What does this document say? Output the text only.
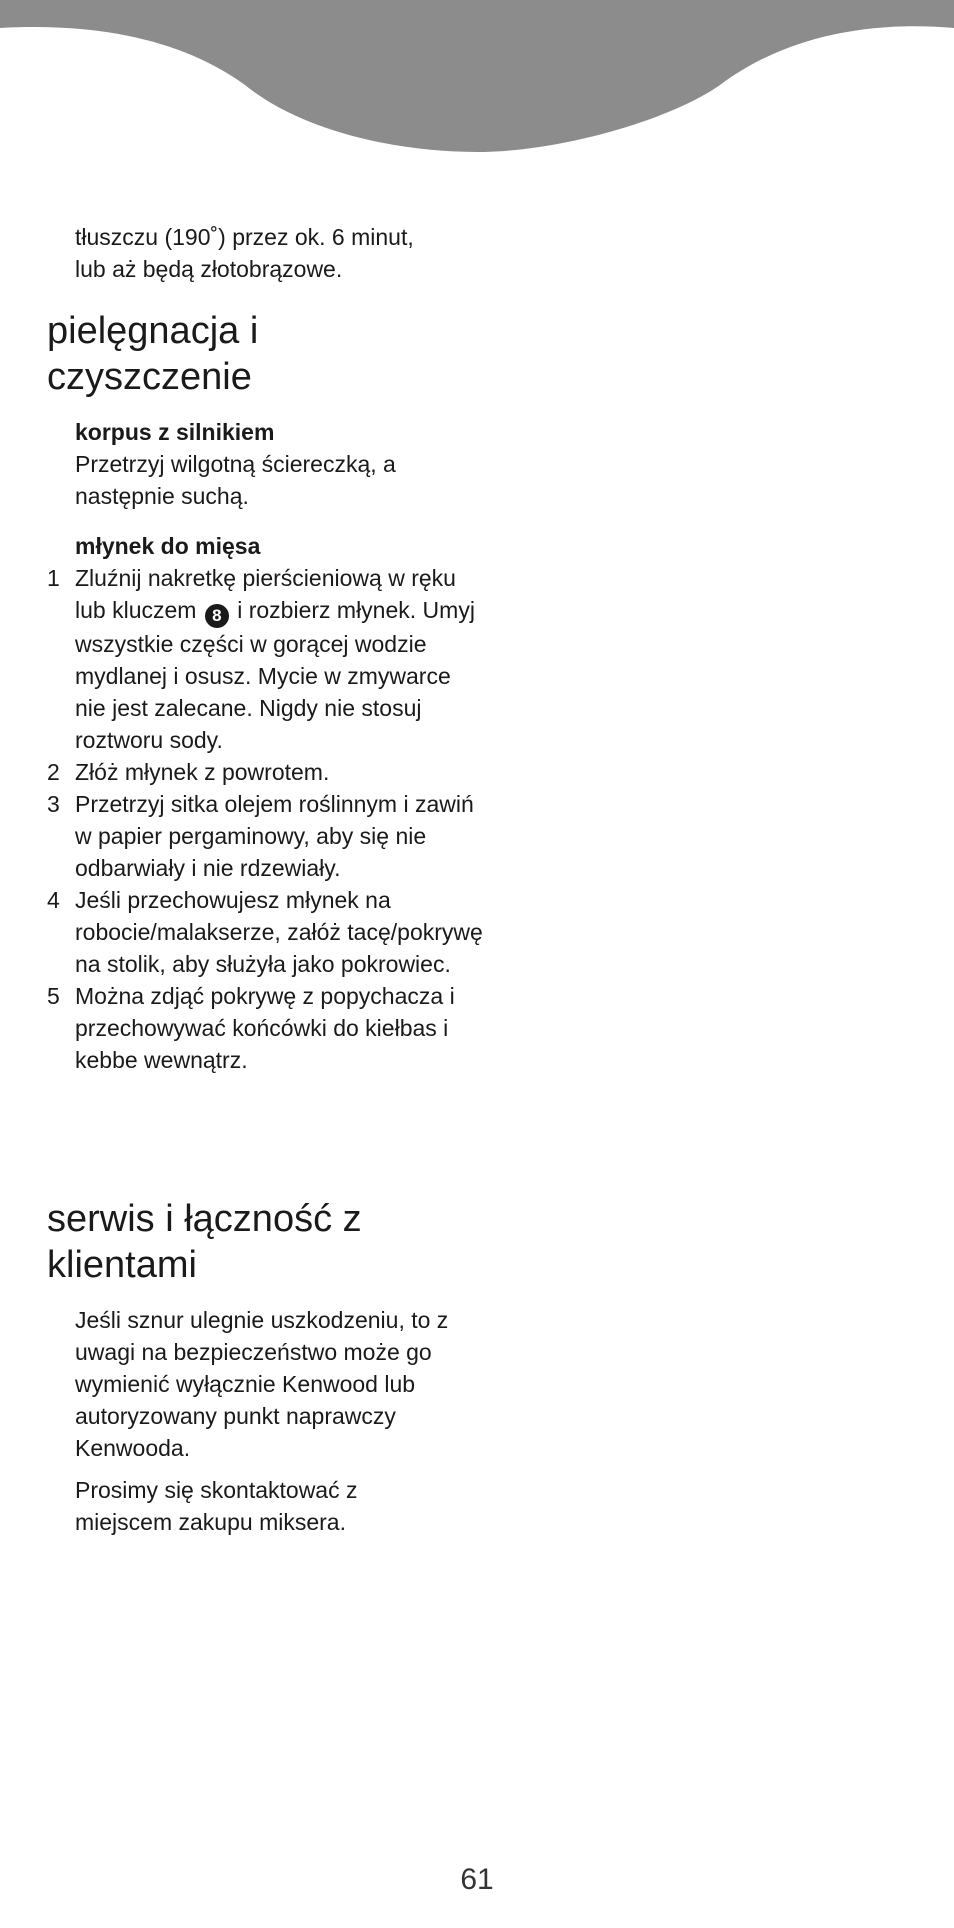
tłuszczu (190˚) przez ok. 6 minut,
lub aż będą złotobrązowe.
pielęgnacja i czyszczenie
korpus z silnikiem
Przetrzyj wilgotną ściereczką, a następnie suchą.
młynek do mięsa
1 Zluźnij nakretkę pierścieniową w ręku lub kluczem 8 i rozbierz młynek. Umyj wszystkie części w gorącej wodzie mydlanej i osusz. Mycie w zmywarce nie jest zalecane. Nigdy nie stosuj roztworu sody.
2 Złóż młynek z powrotem.
3 Przetrzyj sitka olejem roślinnym i zawiń w papier pergaminowy, aby się nie odbarwiały i nie rdzewiały.
4 Jeśli przechowujesz młynek na robocie/malakserze, załóż tacę/pokrywę na stolik, aby służyła jako pokrowiec.
5 Można zdjąć pokrywę z popychacza i przechowywać końcówki do kiełbas i kebbe wewnątrz.
serwis i łączność z klientami
Jeśli sznur ulegnie uszkodzeniu, to z uwagi na bezpieczeństwo może go wymienić wyłącznie Kenwood lub autoryzowany punkt naprawczy Kenwooda.
Prosimy się skontaktować z miejscem zakupu miksera.
61
